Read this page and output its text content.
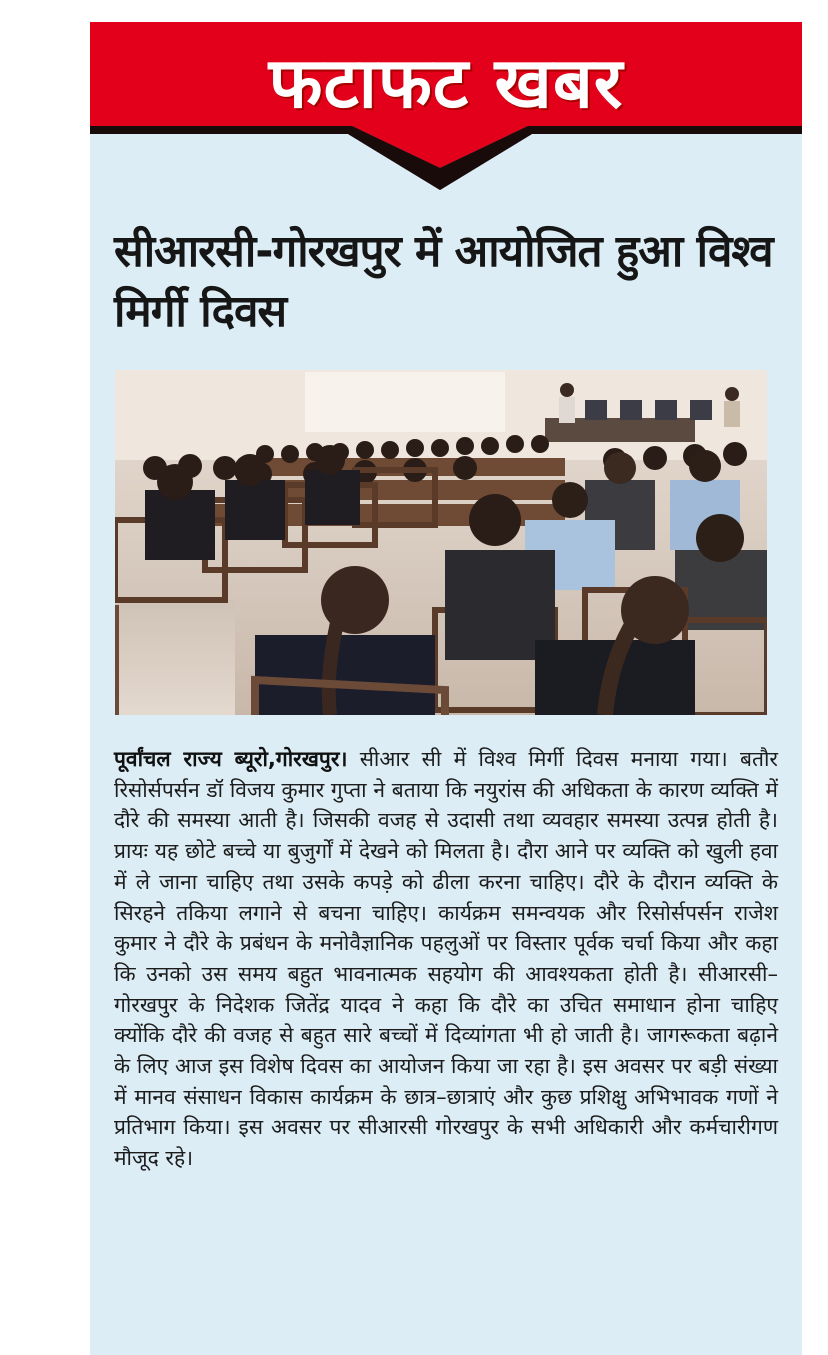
फटाफट खबर
सीआरसी-गोरखपुर में आयोजित हुआ विश्व मिर्गी दिवस
पूर्वांचल राज्य ब्यूरो,गोरखपुर। सीआर सी में विश्व मिर्गी दिवस मनाया गया। बतौर रिसोर्सपर्सन डॉ विजय कुमार गुप्ता ने बताया कि नयुरांस की अधिकता के कारण व्यक्ति में दौरे की समस्या आती है। जिसकी वजह से उदासी तथा व्यवहार समस्या उत्पन्न होती है। प्रायः यह छोटे बच्चे या बुजुर्गों में देखने को मिलता है। दौरा आने पर व्यक्ति को खुली हवा में ले जाना चाहिए तथा उसके कपड़े को ढीला करना चाहिए। दौरे के दौरान व्यक्ति के सिरहने तकिया लगाने से बचना चाहिए। कार्यक्रम समन्वयक और रिसोर्सपर्सन राजेश कुमार ने दौरे के प्रबंधन के मनोवैज्ञानिक पहलुओं पर विस्तार पूर्वक चर्चा किया और कहा कि उनको उस समय बहुत भावनात्मक सहयोग की आवश्यकता होती है। सीआरसी–गोरखपुर के निदेशक जितेंद्र यादव ने कहा कि दौरे का उचित समाधान होना चाहिए क्योंकि दौरे की वजह से बहुत सारे बच्चों में दिव्यांगता भी हो जाती है। जागरूकता बढ़ाने के लिए आज इस विशेष दिवस का आयोजन किया जा रहा है। इस अवसर पर बड़ी संख्या में मानव संसाधन विकास कार्यक्रम के छात्र–छात्राएं और कुछ प्रशिक्षु अभिभावक गणों ने प्रतिभाग किया। इस अवसर पर सीआरसी गोरखपुर के सभी अधिकारी और कर्मचारीगण मौजूद रहे।
